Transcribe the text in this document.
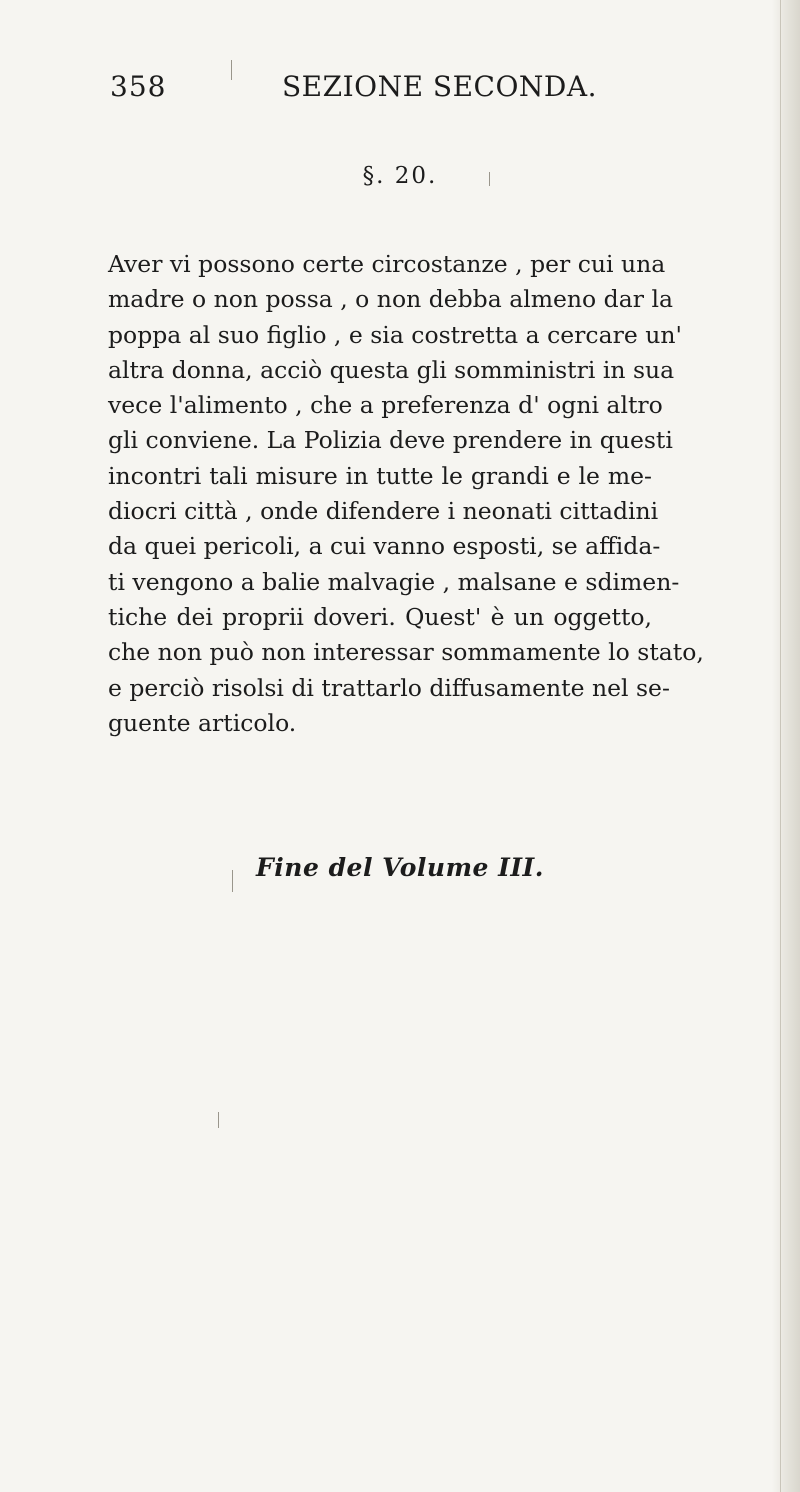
358	SEZIONE SECONDA.
§. 20.
Aver vi possono certe circostanze , per cui una
madre o non possa , o non debba almeno dar la
poppa al suo figlio , e sia costretta a cercare un'
altra donna, acciò questa gli somministri in sua
vece l'alimento , che a preferenza d' ogni altro
gli conviene. La Polizia deve prendere in questi
incontri tali misure in tutte le grandi e le me-
diocri città , onde difendere i neonati cittadini
da quei pericoli, a cui vanno esposti, se affida-
ti vengono a balie malvagie , malsane e sdimen-
tiche dei proprii doveri. Quest' è un oggetto,
che non può non interessar sommamente lo stato,
e perciò risolsi di trattarlo diffusamente nel se-
guente articolo.
Fine del Volume III.
